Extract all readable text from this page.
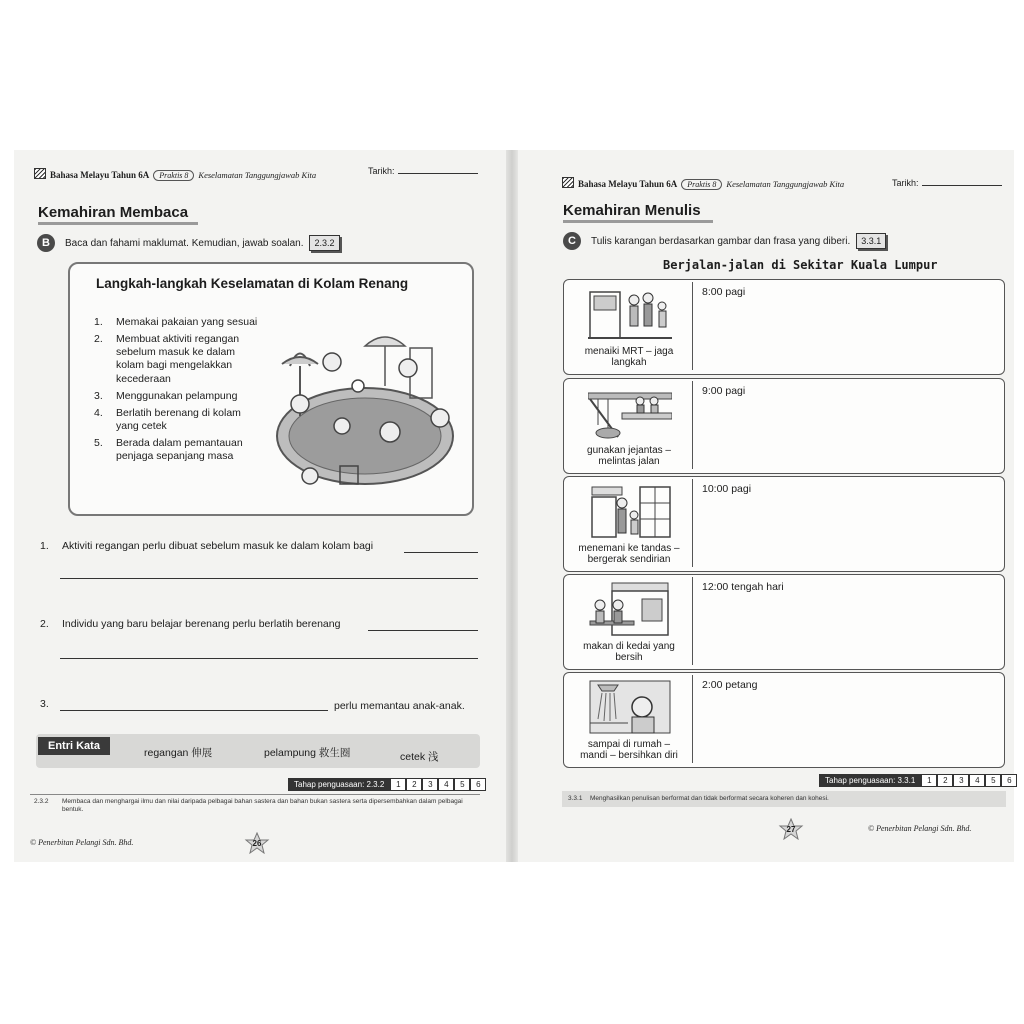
Bahasa Melayu Tahun 6A Praktis 8 Keselamatan Tanggungjawab Kita	Tarikh:
Kemahiran Membaca
B	Baca dan fahami maklumat. Kemudian, jawab soalan.	2.3.2
Langkah-langkah Keselamatan di Kolam Renang
1.	Memakai pakaian yang sesuai
2.	Membuat aktiviti regangan sebelum masuk ke dalam kolam bagi mengelakkan kecederaan
3.	Menggunakan pelampung
4.	Berlatih berenang di kolam yang cetek
5.	Berada dalam pemantauan penjaga sepanjang masa
1.	Aktiviti regangan perlu dibuat sebelum masuk ke dalam kolam bagi
2.	Individu yang baru belajar berenang perlu berlatih berenang
3.	perlu memantau anak-anak.
Entri Kata
regangan 伸展	pelampung 救生圈	cetek 浅
Tahap penguasaan: 2.3.2	1	2	3	4	5	6
2.3.2	Membaca dan menghargai ilmu dan nilai daripada pelbagai bahan sastera dan bahan bukan sastera serta dipersembahkan dalam pelbagai bentuk.
© Penerbitan Pelangi Sdn. Bhd.	26
Bahasa Melayu Tahun 6A Praktis 8 Keselamatan Tanggungjawab Kita	Tarikh:
Kemahiran Menulis
C	Tulis karangan berdasarkan gambar dan frasa yang diberi.	3.3.1
Berjalan-jalan di Sekitar Kuala Lumpur
menaiki MRT – jaga
langkah
8:00 pagi
gunakan jejantas –
melintas jalan
9:00 pagi
menemani ke tandas –
bergerak sendirian
10:00 pagi
makan di kedai yang
bersih
12:00 tengah hari
sampai di rumah –
mandi – bersihkan diri
2:00 petang
Tahap penguasaan: 3.3.1	1	2	3	4	5	6
3.3.1	Menghasilkan penulisan berformat dan tidak berformat secara koheren dan kohesi.
27	© Penerbitan Pelangi Sdn. Bhd.
